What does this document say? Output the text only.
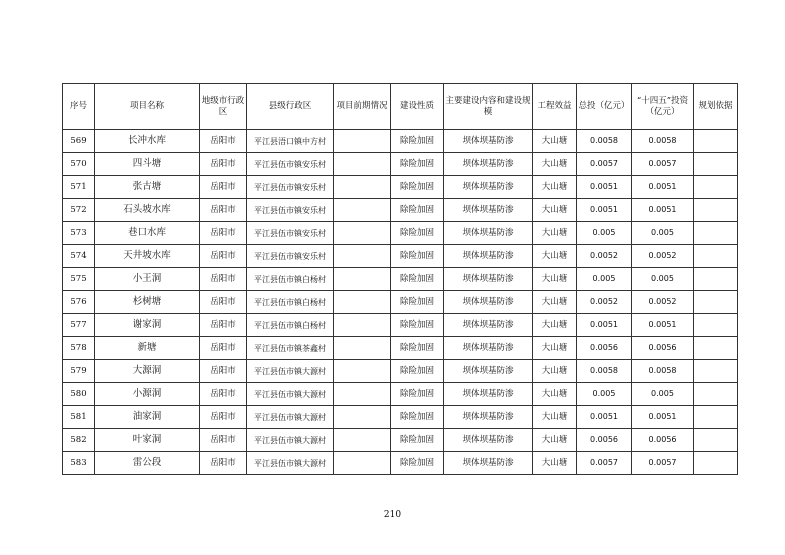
序号	项目名称	地级市行政区	县级行政区	项目前期情况	建设性质	主要建设内容和建设规模	工程效益	总投（亿元）	“十四五”投资（亿元）	规划依据
569	长冲水库	岳阳市	平江县浯口镇中方村		除险加固	坝体坝基防渗	大山塘	0.0058	0.0058	
570	四斗塘	岳阳市	平江县伍市镇安乐村		除险加固	坝体坝基防渗	大山塘	0.0057	0.0057	
571	张古塘	岳阳市	平江县伍市镇安乐村		除险加固	坝体坝基防渗	大山塘	0.0051	0.0051	
572	石头坡水库	岳阳市	平江县伍市镇安乐村		除险加固	坝体坝基防渗	大山塘	0.0051	0.0051	
573	巷口水库	岳阳市	平江县伍市镇安乐村		除险加固	坝体坝基防渗	大山塘	0.005	0.005	
574	天井坡水库	岳阳市	平江县伍市镇安乐村		除险加固	坝体坝基防渗	大山塘	0.0052	0.0052	
575	小王洞	岳阳市	平江县伍市镇白杨村		除险加固	坝体坝基防渗	大山塘	0.005	0.005	
576	杉树塘	岳阳市	平江县伍市镇白杨村		除险加固	坝体坝基防渗	大山塘	0.0052	0.0052	
577	谢家洞	岳阳市	平江县伍市镇白杨村		除险加固	坝体坝基防渗	大山塘	0.0051	0.0051	
578	新塘	岳阳市	平江县伍市镇茶鑫村		除险加固	坝体坝基防渗	大山塘	0.0056	0.0056	
579	大源洞	岳阳市	平江县伍市镇大源村		除险加固	坝体坝基防渗	大山塘	0.0058	0.0058	
580	小源洞	岳阳市	平江县伍市镇大源村		除险加固	坝体坝基防渗	大山塘	0.005	0.005	
581	油家洞	岳阳市	平江县伍市镇大源村		除险加固	坝体坝基防渗	大山塘	0.0051	0.0051	
582	叶家洞	岳阳市	平江县伍市镇大源村		除险加固	坝体坝基防渗	大山塘	0.0056	0.0056	
583	雷公段	岳阳市	平江县伍市镇大源村		除险加固	坝体坝基防渗	大山塘	0.0057	0.0057	
210
